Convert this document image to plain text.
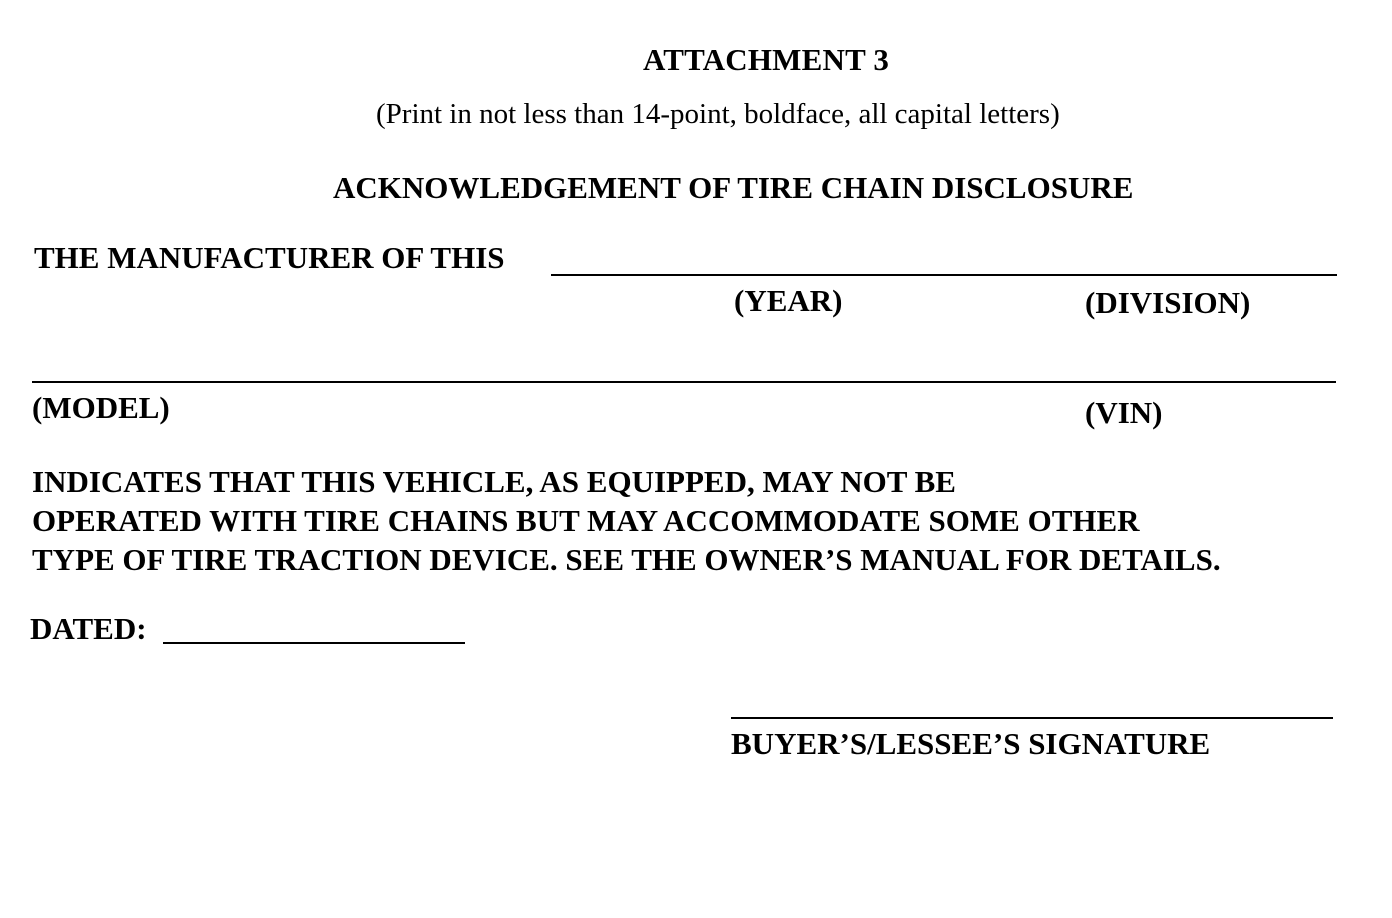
ATTACHMENT 3
(Print in not less than 14-point, boldface, all capital letters)
ACKNOWLEDGEMENT OF TIRE CHAIN DISCLOSURE
THE MANUFACTURER OF THIS
(YEAR)	(DIVISION)
(MODEL)	(VIN)
INDICATES THAT THIS VEHICLE, AS EQUIPPED, MAY NOT BE
OPERATED WITH TIRE CHAINS BUT MAY ACCOMMODATE SOME OTHER
TYPE OF TIRE TRACTION DEVICE. SEE THE OWNER’S MANUAL FOR DETAILS.
DATED:
BUYER’S/LESSEE’S SIGNATURE
